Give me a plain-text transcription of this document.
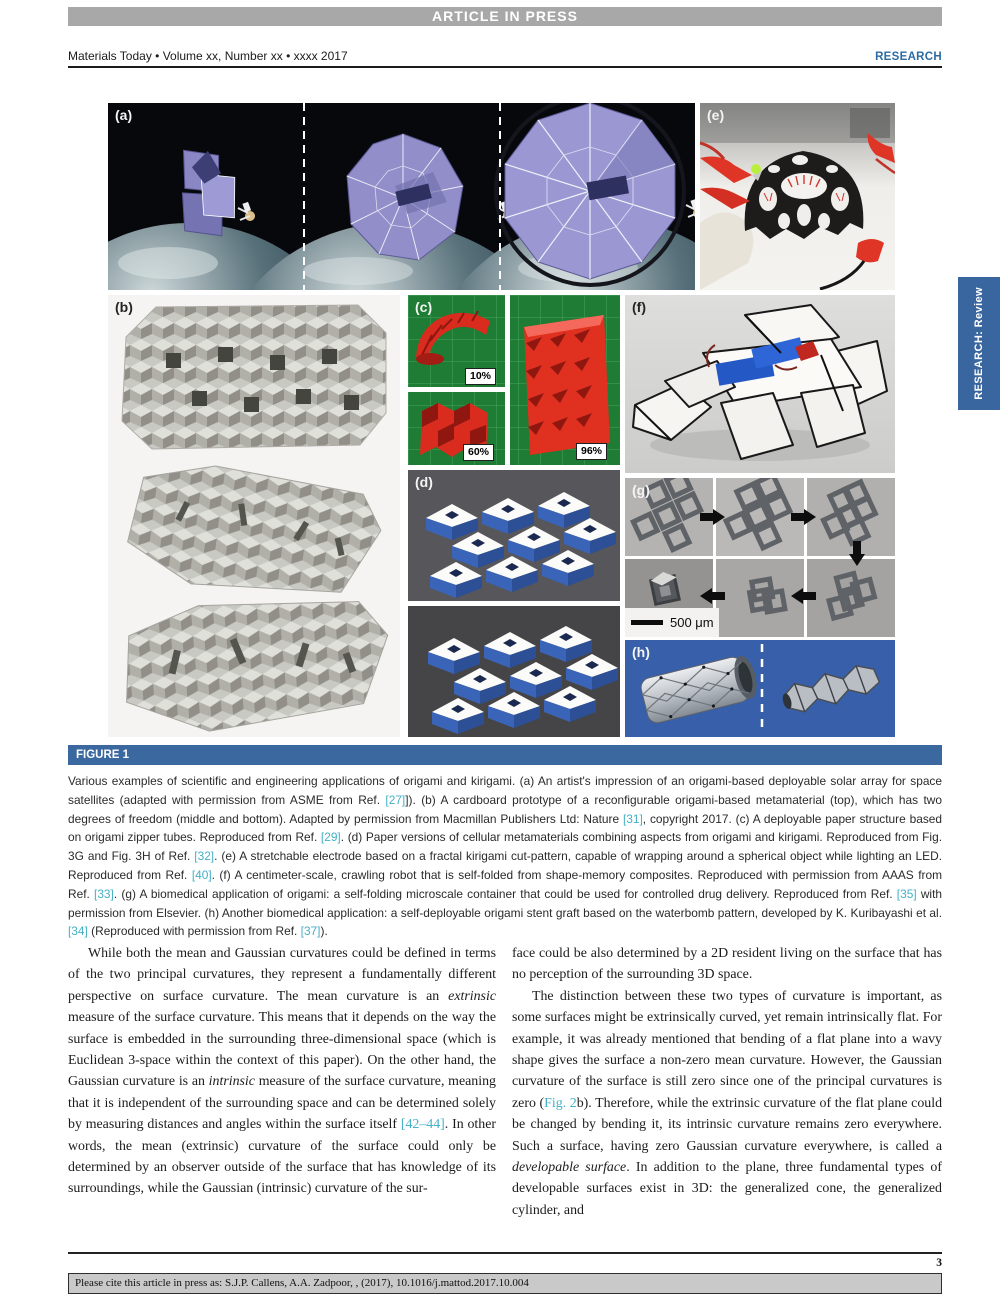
ARTICLE IN PRESS
Materials Today • Volume xx, Number xx • xxxx 2017	RESEARCH
(a)	(e)
(b)	(c)
10%
60%	96%
(d)
(f)
(g)
500 μm
(h)
RESEARCH: Review
FIGURE 1
Various examples of scientific and engineering applications of origami and kirigami. (a) An artist's impression of an origami-based deployable solar array for space satellites (adapted with permission from ASME from Ref. [27]]). (b) A cardboard prototype of a reconfigurable origami-based metamaterial (top), which has two degrees of freedom (middle and bottom). Adapted by permission from Macmillan Publishers Ltd: Nature [31], copyright 2017. (c) A deployable paper structure based on origami zipper tubes. Reproduced from Ref. [29]. (d) Paper versions of cellular metamaterials combining aspects from origami and kirigami. Reproduced from Fig. 3G and Fig. 3H of Ref. [32]. (e) A stretchable electrode based on a fractal kirigami cut-pattern, capable of wrapping around a spherical object while lighting an LED. Reproduced from Ref. [40]. (f) A centimeter-scale, crawling robot that is self-folded from shape-memory composites. Reproduced with permission from AAAS from Ref. [33]. (g) A biomedical application of origami: a self-folding microscale container that could be used for controlled drug delivery. Reproduced from Ref. [35] with permission from Elsevier. (h) Another biomedical application: a self-deployable origami stent graft based on the waterbomb pattern, developed by K. Kuribayashi et al. [34] (Reproduced with permission from Ref. [37]).

While both the mean and Gaussian curvatures could be defined in terms of the two principal curvatures, they represent a fundamentally different perspective on surface curvature. The mean curvature is an extrinsic measure of the surface curvature. This means that it depends on the way the surface is embedded in the surrounding three-dimensional space (which is Euclidean 3-space within the context of this paper). On the other hand, the Gaussian curvature is an intrinsic measure of the surface curvature, meaning that it is independent of the surrounding space and can be determined solely by measuring distances and angles within the surface itself [42–44]. In other words, the mean (extrinsic) curvature of the surface could only be determined by an observer outside of the surface that has knowledge of its surroundings, while the Gaussian (intrinsic) curvature of the sur-

face could be also determined by a 2D resident living on the surface that has no perception of the surrounding 3D space.

The distinction between these two types of curvature is important, as some surfaces might be extrinsically curved, yet remain intrinsically flat. For example, it was already mentioned that bending of a flat plane into a wavy shape gives the surface a non-zero mean curvature. However, the Gaussian curvature of the surface is still zero since one of the principal curvatures is zero (Fig. 2b). Therefore, while the extrinsic curvature of the flat plane could be changed by bending it, its intrinsic curvature remains zero everywhere. Such a surface, having zero Gaussian curvature everywhere, is called a developable surface. In addition to the plane, three fundamental types of developable surfaces exist in 3D: the generalized cone, the generalized cylinder, and

3
Please cite this article in press as: S.J.P. Callens, A.A. Zadpoor, , (2017), 10.1016/j.mattod.2017.10.004
